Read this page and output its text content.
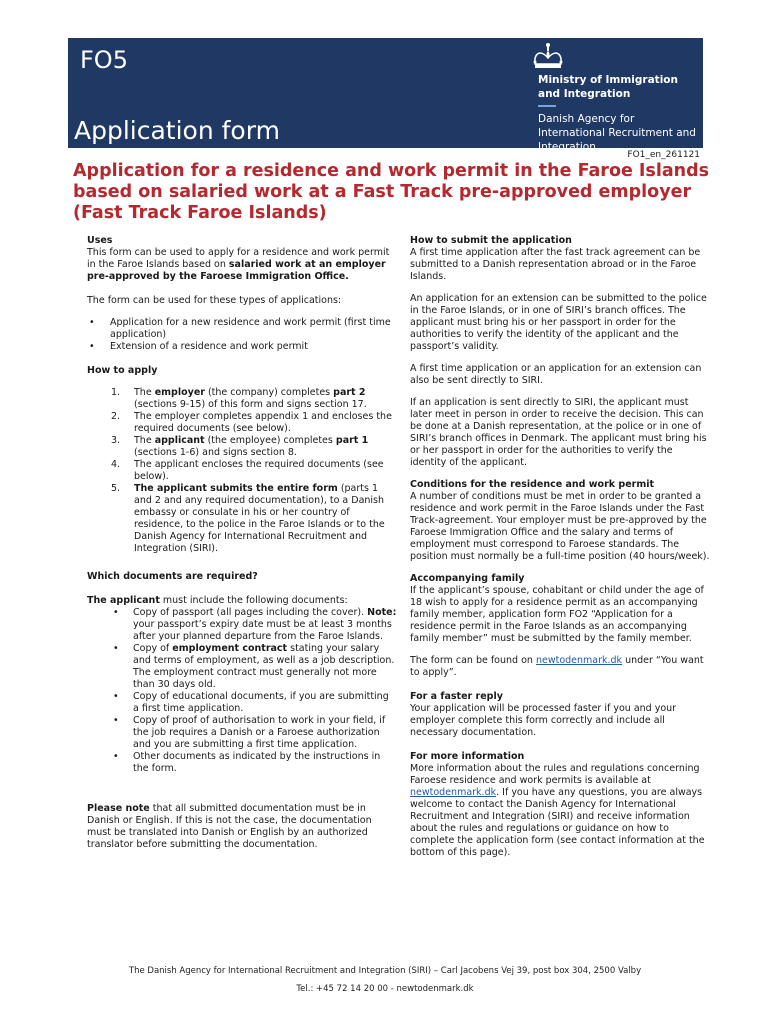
FO5
Application form
Ministry of Immigration and Integration
Danish Agency for International Recruitment and Integration
FO1_en_261121
Application for a residence and work permit in the Faroe Islands based on salaried work at a Fast Track pre-approved employer (Fast Track Faroe Islands)

Uses

This form can be used to apply for a residence and work permit in the Faroe Islands based on salaried work at an employer pre-approved by the Faroese Immigration Office.

The form can be used for these types of applications:

• Application for a new residence and work permit (first time application)
• Extension of a residence and work permit

How to apply

1. The employer (the company) completes part 2 (sections 9-15) of this form and signs section 17.
2. The employer completes appendix 1 and encloses the required documents (see below).
3. The applicant (the employee) completes part 1 (sections 1-6) and signs section 8.
4. The applicant encloses the required documents (see below).
5. The applicant submits the entire form (parts 1 and 2 and any required documentation), to a Danish embassy or consulate in his or her country of residence, to the police in the Faroe Islands or to the Danish Agency for International Recruitment and Integration (SIRI).

Which documents are required?

The applicant must include the following documents:

• Copy of passport (all pages including the cover). Note: your passport’s expiry date must be at least 3 months after your planned departure from the Faroe Islands.
• Copy of employment contract stating your salary and terms of employment, as well as a job description. The employment contract must generally not more than 30 days old.
• Copy of educational documents, if you are submitting a first time application.
• Copy of proof of authorisation to work in your field, if the job requires a Danish or a Faroese authorization and you are submitting a first time application.
• Other documents as indicated by the instructions in the form.

Please note that all submitted documentation must be in Danish or English. If this is not the case, the documentation must be translated into Danish or English by an authorized translator before submitting the documentation.

How to submit the application

A first time application after the fast track agreement can be submitted to a Danish representation abroad or in the Faroe Islands.

An application for an extension can be submitted to the police in the Faroe Islands, or in one of SIRI’s branch offices. The applicant must bring his or her passport in order for the authorities to verify the identity of the applicant and the passport’s validity.

A first time application or an application for an extension can also be sent directly to SIRI.

If an application is sent directly to SIRI, the applicant must later meet in person in order to receive the decision. This can be done at a Danish representation, at the police or in one of SIRI’s branch offices in Denmark. The applicant must bring his or her passport in order for the authorities to verify the identity of the applicant.

Conditions for the residence and work permit

A number of conditions must be met in order to be granted a residence and work permit in the Faroe Islands under the Fast Track-agreement. Your employer must be pre-approved by the Faroese Immigration Office and the salary and terms of employment must correspond to Faroese standards. The position must normally be a full-time position (40 hours/week).

Accompanying family

If the applicant’s spouse, cohabitant or child under the age of 18 wish to apply for a residence permit as an accompanying family member, application form FO2 “Application for a residence permit in the Faroe Islands as an accompanying family member” must be submitted by the family member.

The form can be found on newtodenmark.dk under “You want to apply”.

For a faster reply

Your application will be processed faster if you and your employer complete this form correctly and include all necessary documentation.

For more information

More information about the rules and regulations concerning Faroese residence and work permits is available at newtodenmark.dk. If you have any questions, you are always welcome to contact the Danish Agency for International Recruitment and Integration (SIRI) and receive information about the rules and regulations or guidance on how to complete the application form (see contact information at the bottom of this page).

The Danish Agency for International Recruitment and Integration (SIRI) – Carl Jacobens Vej 39, post box 304, 2500 Valby
Tel.: +45 72 14 20 00 - newtodenmark.dk
